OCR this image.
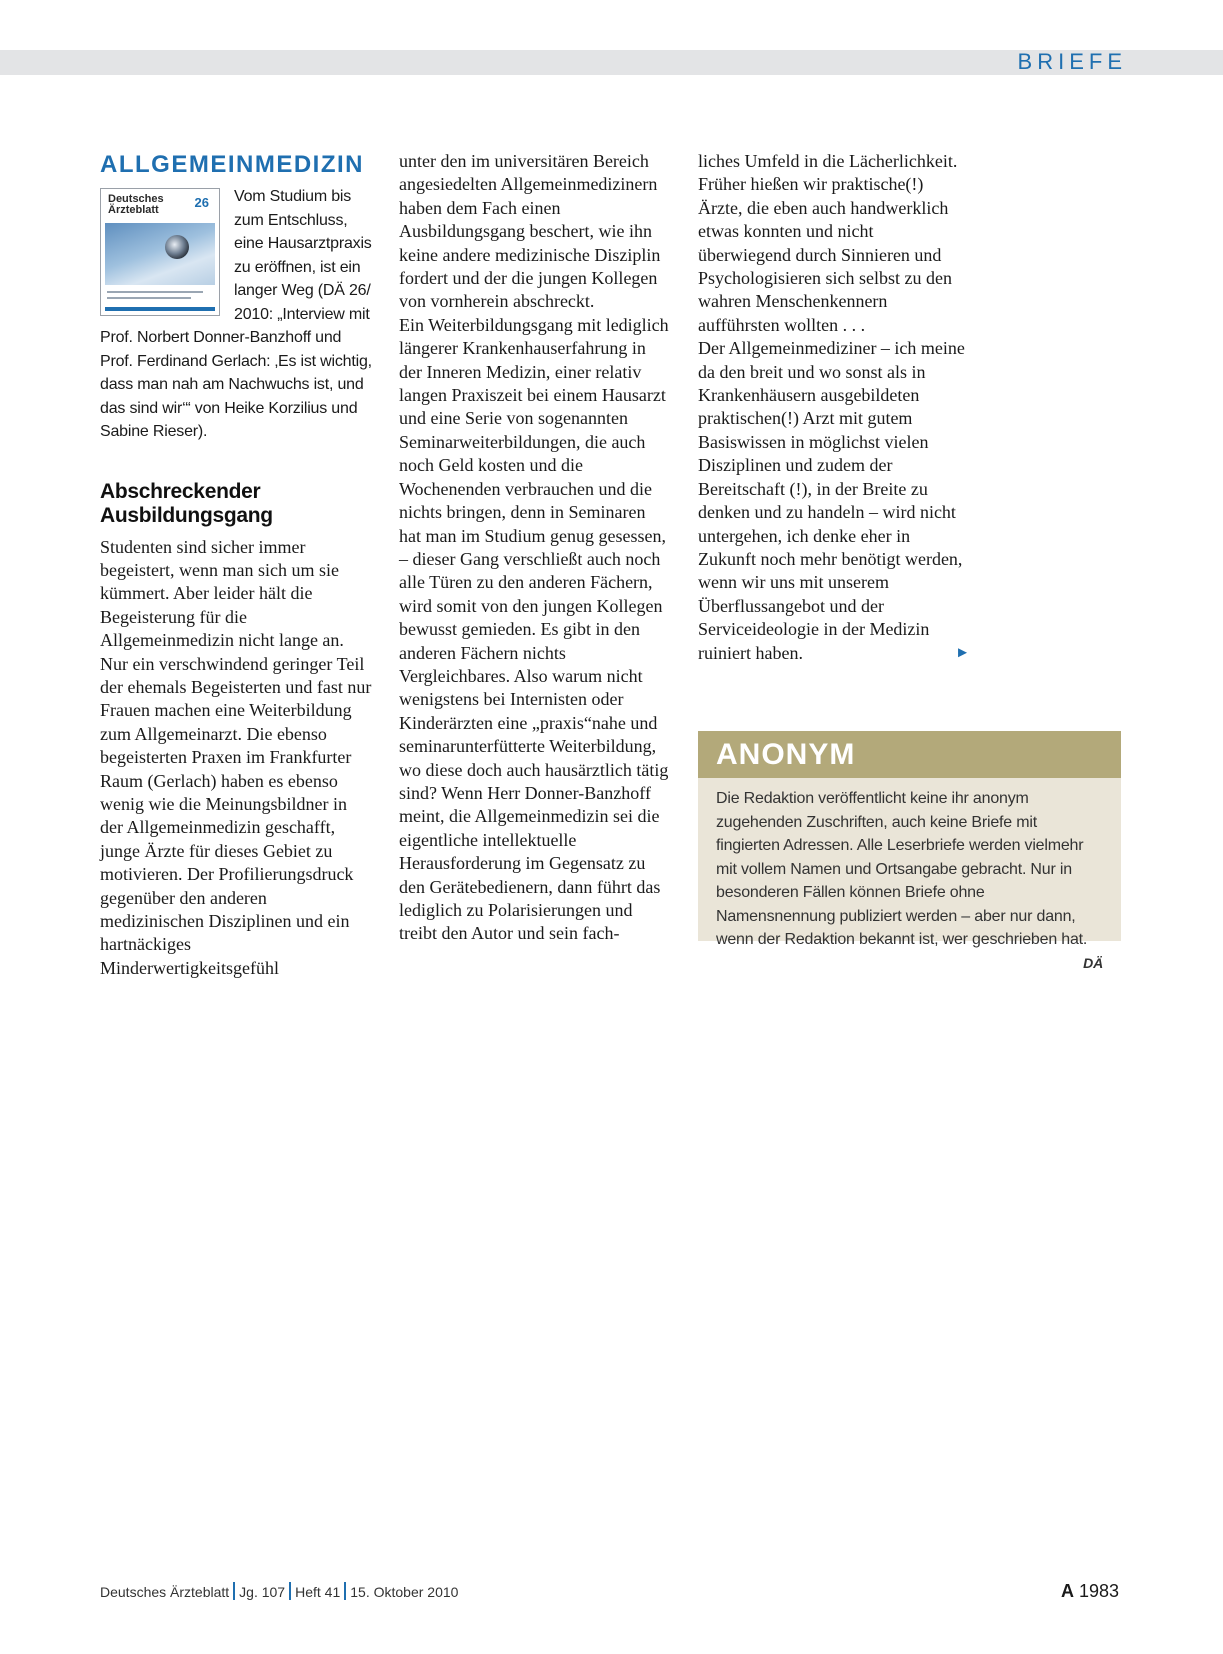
BRIEFE
ALLGEMEINMEDIZIN
Deutsches Ärzteblatt	26	Vom Studium bis zum Entschluss, eine Hausarztpraxis zu eröffnen, ist ein langer Weg (DÄ 26/ 2010: „Interview mit Prof. Norbert Donner-Banzhoff und Prof. Ferdinand Gerlach: ‚Es ist wichtig, dass man nah am Nachwuchs ist, und das sind wir‘“ von Heike Korzilius und Sabine Rieser).
Abschreckender Ausbildungsgang
Studenten sind sicher immer begeistert, wenn man sich um sie kümmert. Aber leider hält die Begeisterung für die Allgemeinmedizin nicht lange an. Nur ein verschwindend geringer Teil der ehemals Begeisterten und fast nur Frauen machen eine Weiterbildung zum Allgemeinarzt. Die ebenso begeisterten Praxen im Frankfurter Raum (Gerlach) haben es ebenso wenig wie die Meinungsbildner in der Allgemeinmedizin geschafft, junge Ärzte für dieses Gebiet zu motivieren. Der Profilierungsdruck gegenüber den anderen medizinischen Disziplinen und ein hartnäckiges Minderwertigkeitsgefühl

unter den im universitären Bereich angesiedelten Allgemeinmedizinern haben dem Fach einen Ausbildungsgang beschert, wie ihn keine andere medizinische Disziplin fordert und der die jungen Kollegen von vornherein abschreckt.

Ein Weiterbildungsgang mit lediglich längerer Krankenhauserfahrung in der Inneren Medizin, einer relativ langen Praxiszeit bei einem Hausarzt und eine Serie von sogenannten Seminarweiterbildungen, die auch noch Geld kosten und die Wochenenden verbrauchen und die nichts bringen, denn in Seminaren hat man im Studium genug gesessen, – dieser Gang verschließt auch noch alle Türen zu den anderen Fächern, wird somit von den jungen Kollegen bewusst gemieden. Es gibt in den anderen Fächern nichts Vergleichbares. Also warum nicht wenigstens bei Internisten oder Kinderärzten eine „praxis“nahe und seminarunterfütterte Weiterbildung, wo diese doch auch hausärztlich tätig sind? Wenn Herr Donner-Banzhoff meint, die Allgemeinmedizin sei die eigentliche intellektuelle Herausforderung im Gegensatz zu den Gerätebedienern, dann führt das lediglich zu Polarisierungen und treibt den Autor und sein fach-

liches Umfeld in die Lächerlichkeit.

Früher hießen wir praktische(!) Ärzte, die eben auch handwerklich etwas konnten und nicht überwiegend durch Sinnieren und Psychologisieren sich selbst zu den wahren Menschenkennern aufführsten wollten . . .

Der Allgemeinmediziner – ich meine da den breit und wo sonst als in Krankenhäusern ausgebildeten praktischen(!) Arzt mit gutem Basiswissen in möglichst vielen Disziplinen und zudem der Bereitschaft (!), in der Breite zu denken und zu handeln – wird nicht untergehen, ich denke eher in Zukunft noch mehr benötigt werden, wenn wir uns mit unserem Überflussangebot und der Serviceideologie in der Medizin ruiniert haben.	►

ANONYM
Die Redaktion veröffentlicht keine ihr anonym zugehenden Zuschriften, auch keine Briefe mit fingierten Adressen. Alle Leserbriefe werden vielmehr mit vollem Namen und Ortsangabe gebracht. Nur in besonderen Fällen können Briefe ohne Namensnennung publiziert werden – aber nur dann, wenn der Redaktion bekannt ist, wer geschrieben hat.
DÄ
Deutsches Ärzteblatt Jg. 107 Heft 41 15. Oktober 2010	A 1983
